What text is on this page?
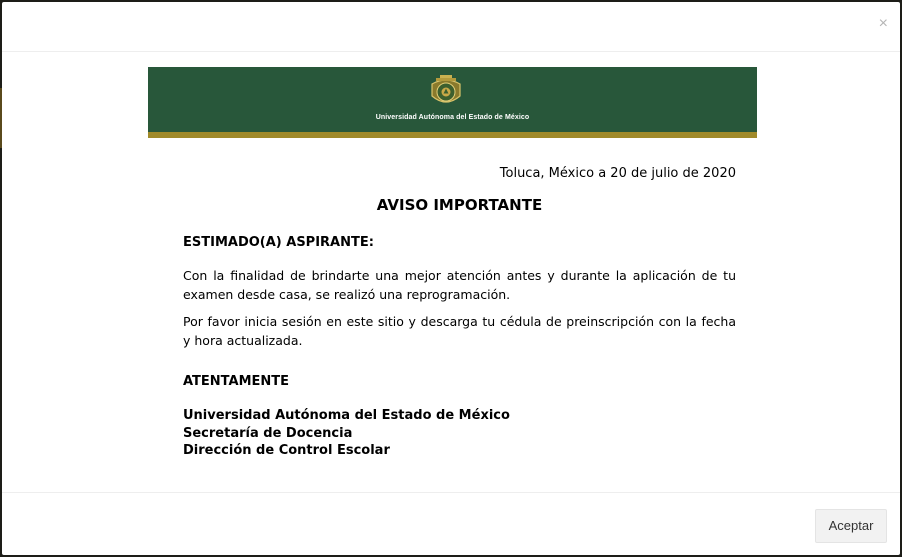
×
Universidad Autónoma del Estado de México

Toluca, México a 20 de julio de 2020

AVISO IMPORTANTE

ESTIMADO(A) ASPIRANTE:

Con la finalidad de brindarte una mejor atención antes y durante la aplicación de tu examen desde casa, se realizó una reprogramación.

Por favor inicia sesión en este sitio y descarga tu cédula de preinscripción con la fecha y hora actualizada.

ATENTAMENTE

Universidad Autónoma del Estado de México
Secretaría de Docencia
Dirección de Control Escolar
Aceptar
